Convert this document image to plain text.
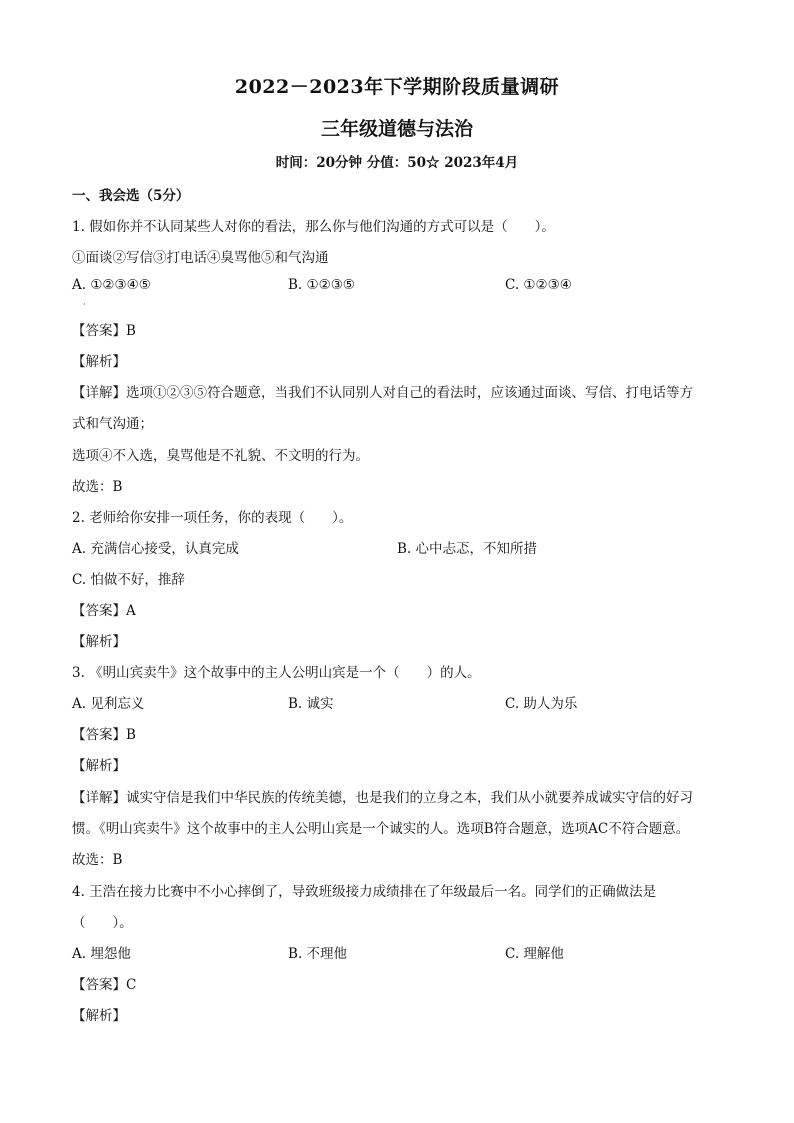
2022－2023年下学期阶段质量调研
三年级道德与法治
时间：20分钟 分值：50☆ 2023年4月
一、我会选（5分）
1. 假如你并不认同某些人对你的看法，那么你与他们沟通的方式可以是（　　）。
①面谈②写信③打电话④臭骂他⑤和气沟通
A. ①②③④⑤	B. ①②③⑤	C. ①②③④
·
【答案】B
【解析】
【详解】选项①②③⑤符合题意，当我们不认同别人对自己的看法时，应该通过面谈、写信、打电话等方
式和气沟通；
选项④不入选，臭骂他是不礼貌、不文明的行为。
故选：B
2. 老师给你安排一项任务，你的表现（　　）。
A. 充满信心接受，认真完成	B. 心中忐忑，不知所措
C. 怕做不好，推辞
【答案】A
【解析】
3. 《明山宾卖牛》这个故事中的主人公明山宾是一个（　　）的人。
A. 见利忘义	B. 诚实	C. 助人为乐
【答案】B
【解析】
【详解】诚实守信是我们中华民族的传统美德，也是我们的立身之本，我们从小就要养成诚实守信的好习
惯。《明山宾卖牛》这个故事中的主人公明山宾是一个诚实的人。选项B符合题意，选项AC不符合题意。
故选：B
4. 王浩在接力比赛中不小心摔倒了，导致班级接力成绩排在了年级最后一名。同学们的正确做法是
（　　）。
A. 埋怨他	B. 不理他	C. 理解他
【答案】C
【解析】
